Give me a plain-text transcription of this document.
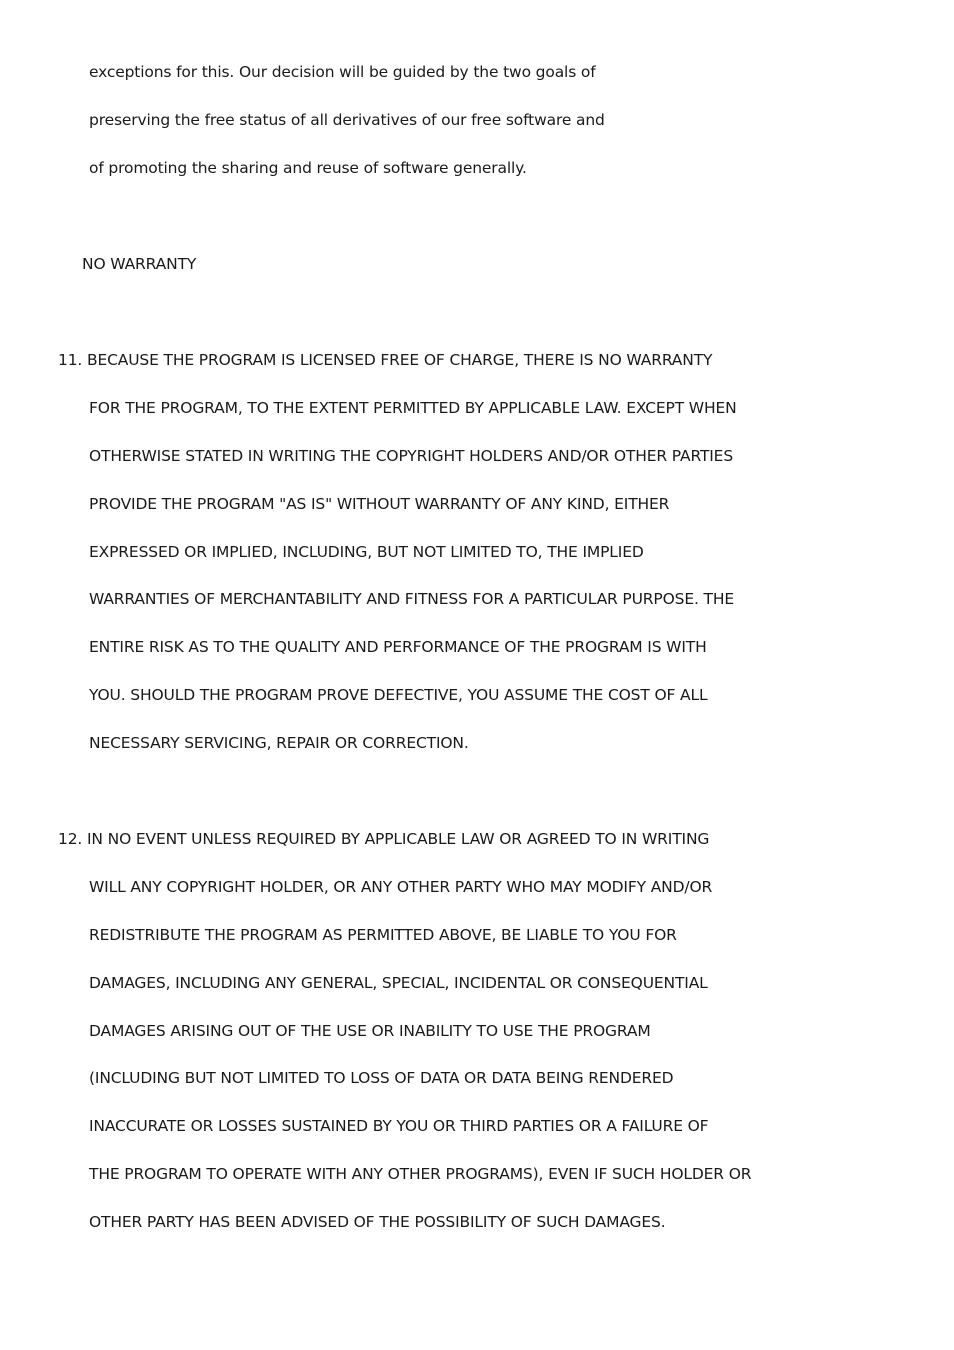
exceptions for this. Our decision will be guided by the two goals of
preserving the free status of all derivatives of our free software and
of promoting the sharing and reuse of software generally.
NO WARRANTY
11. BECAUSE THE PROGRAM IS LICENSED FREE OF CHARGE, THERE IS NO WARRANTY
FOR THE PROGRAM, TO THE EXTENT PERMITTED BY APPLICABLE LAW. EXCEPT WHEN
OTHERWISE STATED IN WRITING THE COPYRIGHT HOLDERS AND/OR OTHER PARTIES
PROVIDE THE PROGRAM "AS IS" WITHOUT WARRANTY OF ANY KIND, EITHER
EXPRESSED OR IMPLIED, INCLUDING, BUT NOT LIMITED TO, THE IMPLIED
WARRANTIES OF MERCHANTABILITY AND FITNESS FOR A PARTICULAR PURPOSE. THE
ENTIRE RISK AS TO THE QUALITY AND PERFORMANCE OF THE PROGRAM IS WITH
YOU. SHOULD THE PROGRAM PROVE DEFECTIVE, YOU ASSUME THE COST OF ALL
NECESSARY SERVICING, REPAIR OR CORRECTION.
12. IN NO EVENT UNLESS REQUIRED BY APPLICABLE LAW OR AGREED TO IN WRITING
WILL ANY COPYRIGHT HOLDER, OR ANY OTHER PARTY WHO MAY MODIFY AND/OR
REDISTRIBUTE THE PROGRAM AS PERMITTED ABOVE, BE LIABLE TO YOU FOR
DAMAGES, INCLUDING ANY GENERAL, SPECIAL, INCIDENTAL OR CONSEQUENTIAL
DAMAGES ARISING OUT OF THE USE OR INABILITY TO USE THE PROGRAM
(INCLUDING BUT NOT LIMITED TO LOSS OF DATA OR DATA BEING RENDERED
INACCURATE OR LOSSES SUSTAINED BY YOU OR THIRD PARTIES OR A FAILURE OF
THE PROGRAM TO OPERATE WITH ANY OTHER PROGRAMS), EVEN IF SUCH HOLDER OR
OTHER PARTY HAS BEEN ADVISED OF THE POSSIBILITY OF SUCH DAMAGES.
